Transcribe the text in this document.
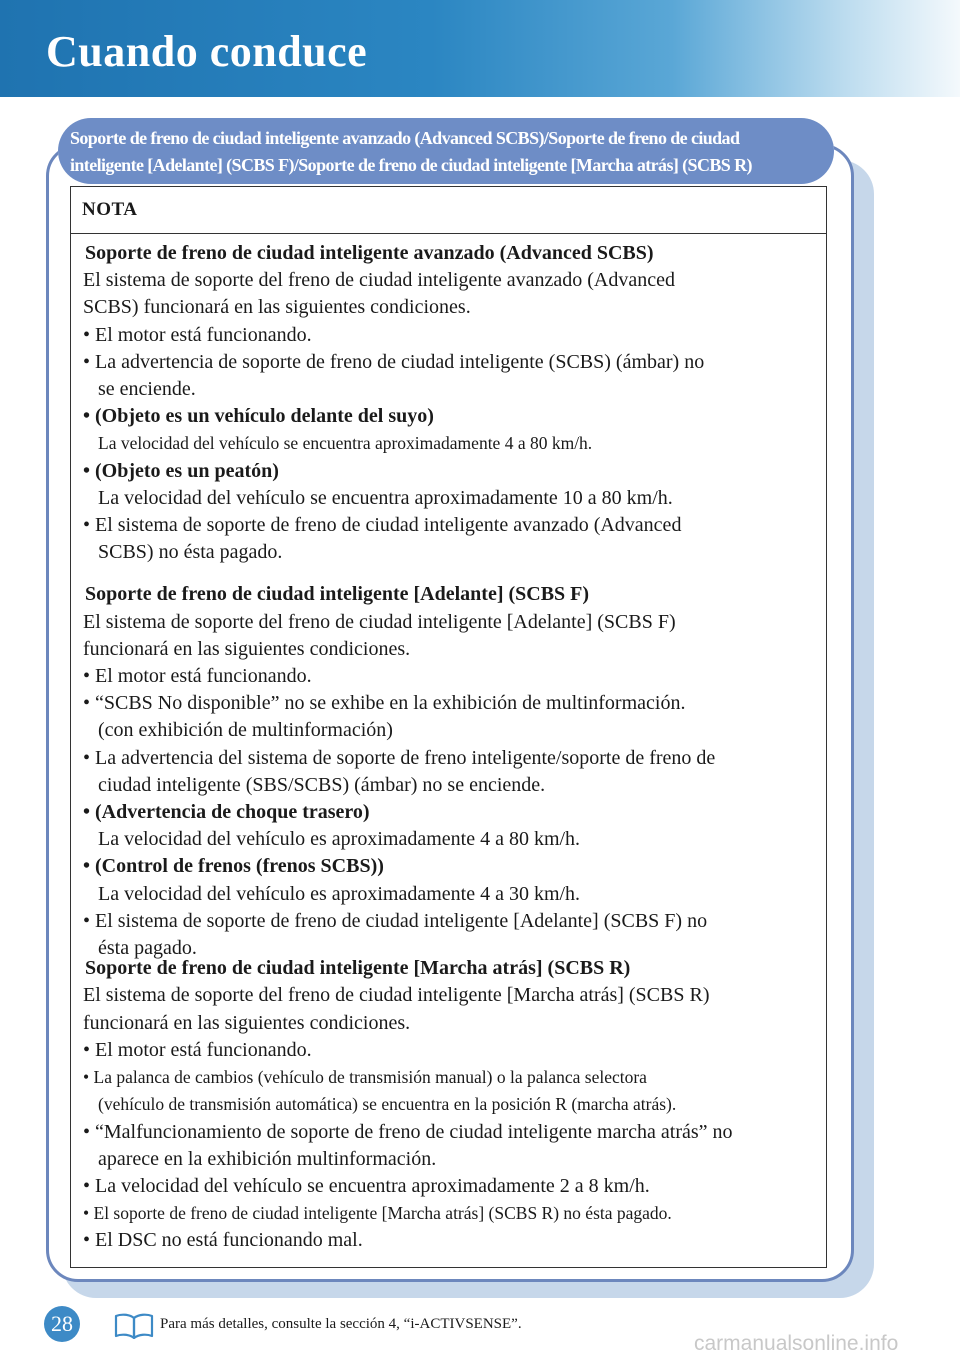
Cuando conduce
Soporte de freno de ciudad inteligente avanzado (Advanced SCBS)/Soporte de freno de ciudad
inteligente [Adelante] (SCBS F)/Soporte de freno de ciudad inteligente [Marcha atrás] (SCBS R)
NOTA
Soporte de freno de ciudad inteligente avanzado (Advanced SCBS)
El sistema de soporte del freno de ciudad inteligente avanzado (Advanced
SCBS) funcionará en las siguientes condiciones.
• El motor está funcionando.
• La advertencia de soporte de freno de ciudad inteligente (SCBS) (ámbar) no
se enciende.
• (Objeto es un vehículo delante del suyo)
La velocidad del vehículo se encuentra aproximadamente 4 a 80 km/h.
• (Objeto es un peatón)
La velocidad del vehículo se encuentra aproximadamente 10 a 80 km/h.
• El sistema de soporte de freno de ciudad inteligente avanzado (Advanced
SCBS) no ésta pagado.
Soporte de freno de ciudad inteligente [Adelante] (SCBS F)
El sistema de soporte del freno de ciudad inteligente [Adelante] (SCBS F)
funcionará en las siguientes condiciones.
• El motor está funcionando.
• “SCBS No disponible” no se exhibe en la exhibición de multinformación.
(con exhibición de multinformación)
• La advertencia del sistema de soporte de freno inteligente/soporte de freno de
ciudad inteligente (SBS/SCBS) (ámbar) no se enciende.
• (Advertencia de choque trasero)
La velocidad del vehículo es aproximadamente 4 a 80 km/h.
• (Control de frenos (frenos SCBS))
La velocidad del vehículo es aproximadamente 4 a 30 km/h.
• El sistema de soporte de freno de ciudad inteligente [Adelante] (SCBS F) no
ésta pagado.
Soporte de freno de ciudad inteligente [Marcha atrás] (SCBS R)
El sistema de soporte del freno de ciudad inteligente [Marcha atrás] (SCBS R)
funcionará en las siguientes condiciones.
• El motor está funcionando.
• La palanca de cambios (vehículo de transmisión manual) o la palanca selectora
(vehículo de transmisión automática) se encuentra en la posición R (marcha atrás).
• “Malfuncionamiento de soporte de freno de ciudad inteligente marcha atrás” no
aparece en la exhibición multinformación.
• La velocidad del vehículo se encuentra aproximadamente 2 a 8 km/h.
• El soporte de freno de ciudad inteligente [Marcha atrás] (SCBS R) no ésta pagado.
• El DSC no está funcionando mal.
28	Para más detalles, consulte la sección 4, “i-ACTIVSENSE”.
carmanualsonline.info
